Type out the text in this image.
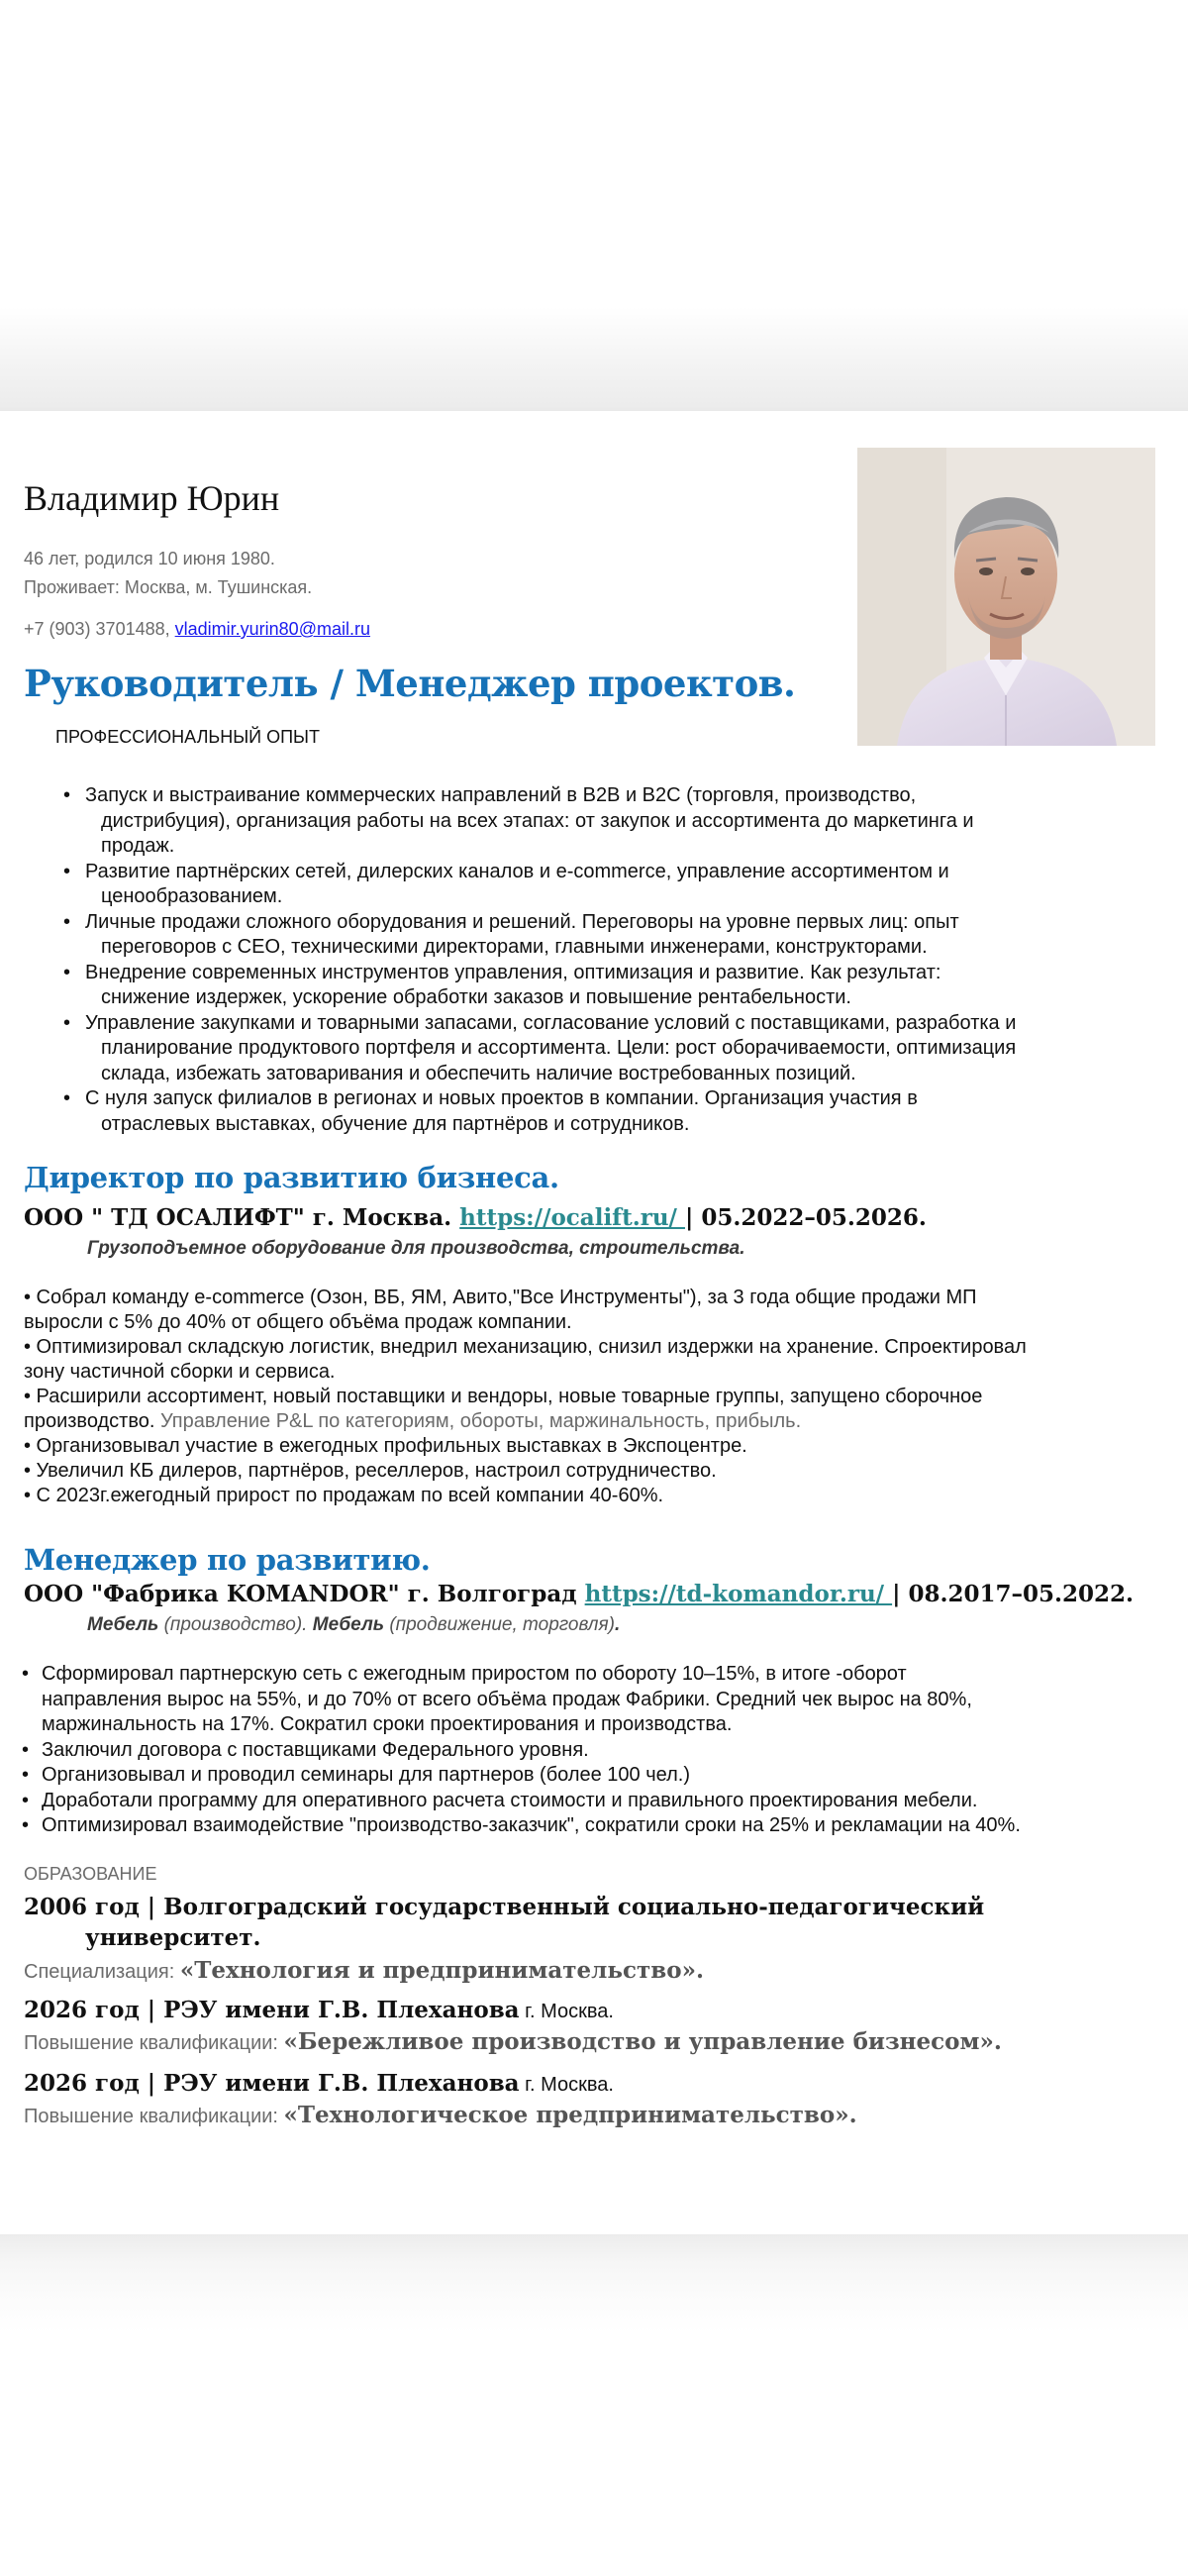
Владимир Юрин
46 лет, родился 10 июня 1980.
Проживает: Москва, м. Тушинская.
+7 (903) 3701488, vladimir.yurin80@mail.ru
Руководитель / Менеджер проектов.
ПРОФЕССИОНАЛЬНЫЙ ОПЫТ
• Запуск и выстраивание коммерческих направлений в B2B и B2C (торговля, производство,
дистрибуция), организация работы на всех этапах: от закупок и ассортимента до маркетинга и
продаж.
• Развитие партнёрских сетей, дилерских каналов и e-commerce, управление ассортиментом и
ценообразованием.
• Личные продажи сложного оборудования и решений. Переговоры на уровне первых лиц: опыт
переговоров с CEO, техническими директорами, главными инженерами, конструкторами.
• Внедрение современных инструментов управления, оптимизация и развитие. Как результат:
снижение издержек, ускорение обработки заказов и повышение рентабельности.
• Управление закупками и товарными запасами, согласование условий с поставщиками, разработка и
планирование продуктового портфеля и ассортимента. Цели: рост оборачиваемости, оптимизация
склада, избежать затоваривания и обеспечить наличие востребованных позиций.
• С нуля запуск филиалов в регионах и новых проектов в компании. Организация участия в
отраслевых выставках, обучение для партнёров и сотрудников.
Директор по развитию бизнеса.
ООО " ТД ОСАЛИФТ" г. Москва. https://ocalift.ru/ | 05.2022–05.2026.
Грузоподъемное оборудование для производства, строительства.
• Собрал команду e-commerce (Озон, ВБ, ЯМ, Авито,"Все Инструменты"), за 3 года общие продажи МП
выросли с 5% до 40% от общего объёма продаж компании.
• Оптимизировал складскую логистик, внедрил механизацию, снизил издержки на хранение. Спроектировал
зону частичной сборки и сервиса.
• Расширили ассортимент, новый поставщики и вендоры, новые товарные группы, запущено сборочное
производство. Управление P&L по категориям, обороты, маржинальность, прибыль.
• Организовывал участие в ежегодных профильных выставках в Экспоцентре.
• Увеличил КБ дилеров, партнёров, реселлеров, настроил сотрудничество.
• С 2023г.ежегодный прирост по продажам по всей компании 40-60%.
Менеджер по развитию.
ООО "Фабрика KOMANDOR" г. Волгоград https://td-komandor.ru/ | 08.2017–05.2022.
Мебель (производство). Мебель (продвижение, торговля).
• Сформировал партнерскую сеть с ежегодным приростом по обороту 10–15%, в итоге -оборот
направления вырос на 55%, и до 70% от всего объёма продаж Фабрики. Средний чек вырос на 80%,
маржинальность на 17%. Сократил сроки проектирования и производства.
• Заключил договора с поставщиками Федерального уровня.
• Организовывал и проводил семинары для партнеров (более 100 чел.)
• Доработали программу для оперативного расчета стоимости и правильного проектирования мебели.
• Оптимизировал взаимодействие "производство-заказчик", сократили сроки на 25% и рекламации на 40%.
ОБРАЗОВАНИЕ
2006 год | Волгоградский государственный социально-педагогический
университет.
Специализация: «Технология и предпринимательство».
2026 год | РЭУ имени Г.В. Плеханова г. Москва.
Повышение квалификации: «Бережливое производство и управление бизнесом».
2026 год | РЭУ имени Г.В. Плеханова г. Москва.
Повышение квалификации: «Технологическое предпринимательство».
